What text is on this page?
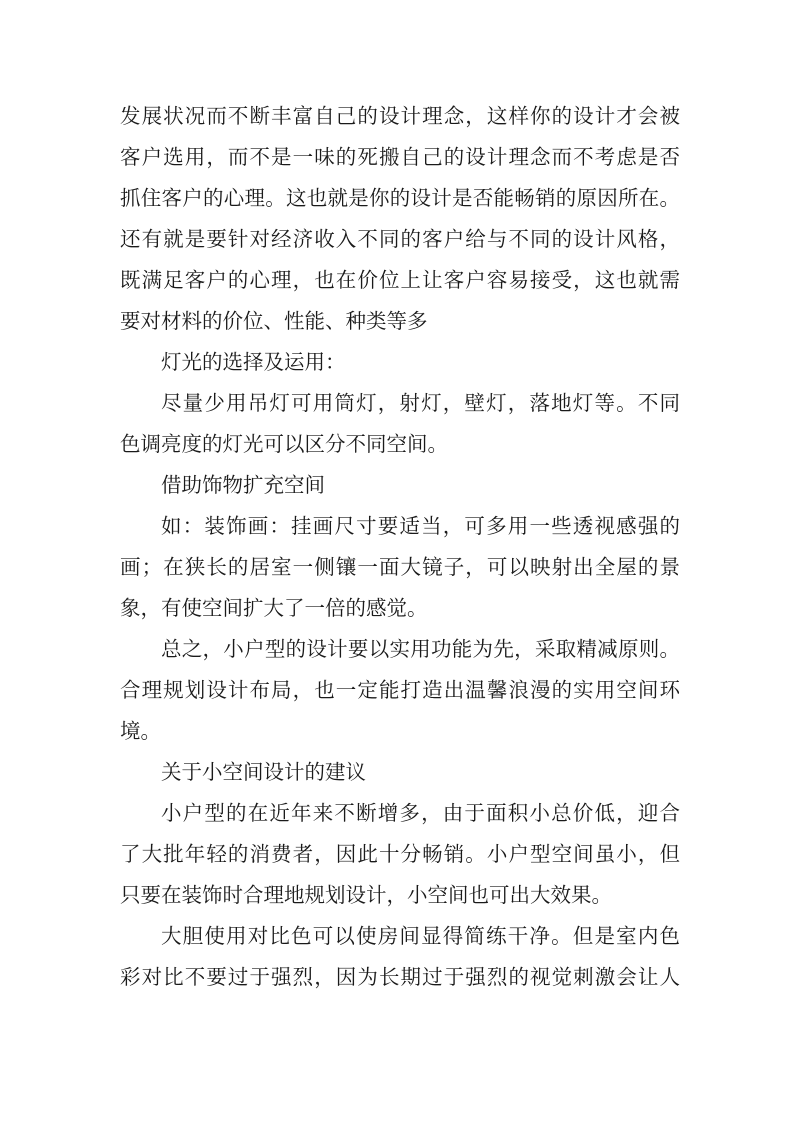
发展状况而不断丰富自己的设计理念，这样你的设计才会被
客户选用，而不是一味的死搬自己的设计理念而不考虑是否
抓住客户的心理。这也就是你的设计是否能畅销的原因所在。
还有就是要针对经济收入不同的客户给与不同的设计风格，
既满足客户的心理，也在价位上让客户容易接受，这也就需
要对材料的价位、性能、种类等多
灯光的选择及运用：
尽量少用吊灯可用筒灯，射灯，壁灯，落地灯等。不同
色调亮度的灯光可以区分不同空间。
借助饰物扩充空间
如：装饰画：挂画尺寸要适当，可多用一些透视感强的
画；在狭长的居室一侧镶一面大镜子，可以映射出全屋的景
象，有使空间扩大了一倍的感觉。
总之，小户型的设计要以实用功能为先，采取精减原则。
合理规划设计布局，也一定能打造出温馨浪漫的实用空间环
境。
关于小空间设计的建议
小户型的在近年来不断增多，由于面积小总价低，迎合
了大批年轻的消费者，因此十分畅销。小户型空间虽小，但
只要在装饰时合理地规划设计，小空间也可出大效果。
大胆使用对比色可以使房间显得简练干净。但是室内色
彩对比不要过于强烈，因为长期过于强烈的视觉刺激会让人
